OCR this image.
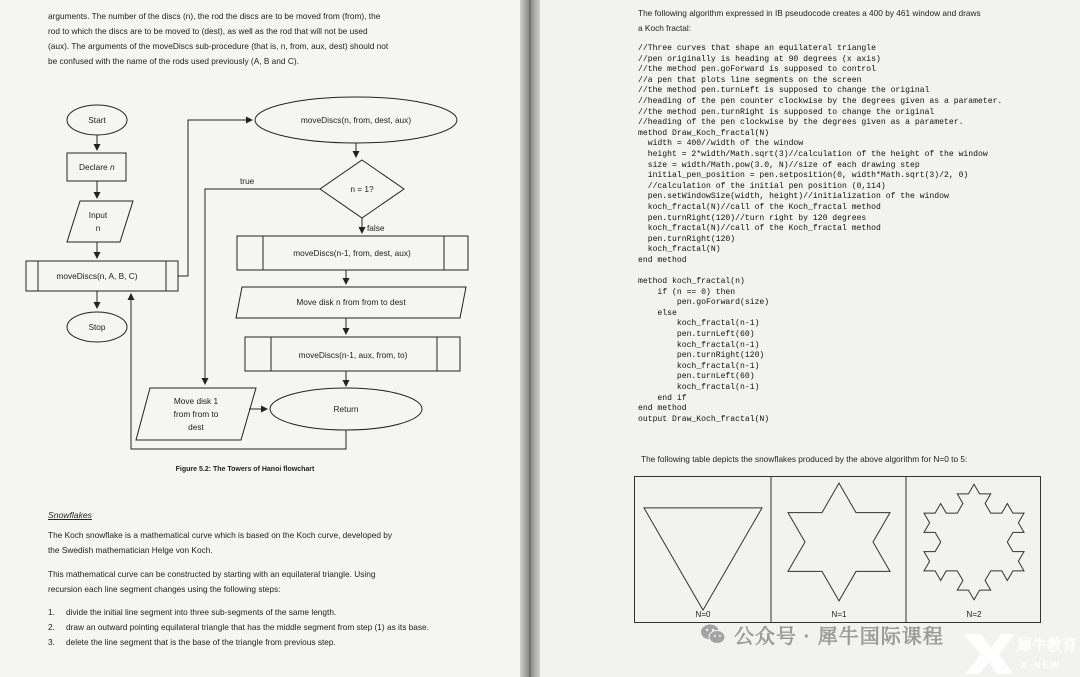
arguments. The number of the discs (n), the rod the discs are to be moved from (from), the
rod to which the discs are to be moved to (dest), as well as the rod that will not be used
(aux). The arguments of the moveDiscs sub-procedure (that is, n, from, aux, dest) should not
be confused with the name of the rods used previously (A, B and C).
Start
Declare n
Input
n
moveDiscs(n, A, B, C)
Stop
moveDiscs(n, from, dest, aux)
n = 1?
true
false
moveDiscs(n-1, from, dest, aux)
Move disk n from from to dest
moveDiscs(n-1, aux, from, to)
Move disk 1
from from to
dest
Return
Figure 5.2: The Towers of Hanoi flowchart
Snowflakes
The Koch snowflake is a mathematical curve which is based on the Koch curve, developed by
the Swedish mathematician Helge von Koch.
This mathematical curve can be constructed by starting with an equilateral triangle. Using
recursion each line segment changes using the following steps:
1. divide the initial line segment into three sub-segments of the same length.
2. draw an outward pointing equilateral triangle that has the middle segment from step (1) as its base.
3. delete the line segment that is the base of the triangle from previous step.
The following algorithm expressed in IB pseudocode creates a 400 by 461 window and draws
a Koch fractal:
//Three curves that shape an equilateral triangle
//pen originally is heading at 90 degrees (x axis)
//the method pen.goForward is supposed to control
//a pen that plots line segments on the screen
//the method pen.turnLeft is supposed to change the original
//heading of the pen counter clockwise by the degrees given as a parameter.
//the method pen.turnRight is supposed to change the original
//heading of the pen clockwise by the degrees given as a parameter.
method Draw_Koch_fractal(N)
width = 400//width of the window
height = 2*width/Math.sqrt(3)//calculation of the height of the window
size = width/Math.pow(3.0, N)//size of each drawing step
initial_pen_position = pen.setposition(0, width*Math.sqrt(3)/2, 0)
//calculation of the initial pen position (0,114)
pen.setWindowSize(width, height)//initialization of the window
koch_fractal(N)//call of the Koch_fractal method
pen.turnRight(120)//turn right by 120 degrees
koch_fractal(N)//call of the Koch_fractal method
pen.turnRight(120)
koch_fractal(N)
end method

method koch_fractal(n)
if (n == 0) then
pen.goForward(size)
else
koch_fractal(n-1)
pen.turnLeft(60)
koch_fractal(n-1)
pen.turnRight(120)
koch_fractal(n-1)
pen.turnLeft(60)
koch_fractal(n-1)
end if
end method
output Draw_Koch_fractal(N)
The following table depicts the snowflakes produced by the above algorithm for N=0 to 5:
N=0	N=1	N=2
公众号 · 犀牛国际课程	犀牛教育
X-NEW
